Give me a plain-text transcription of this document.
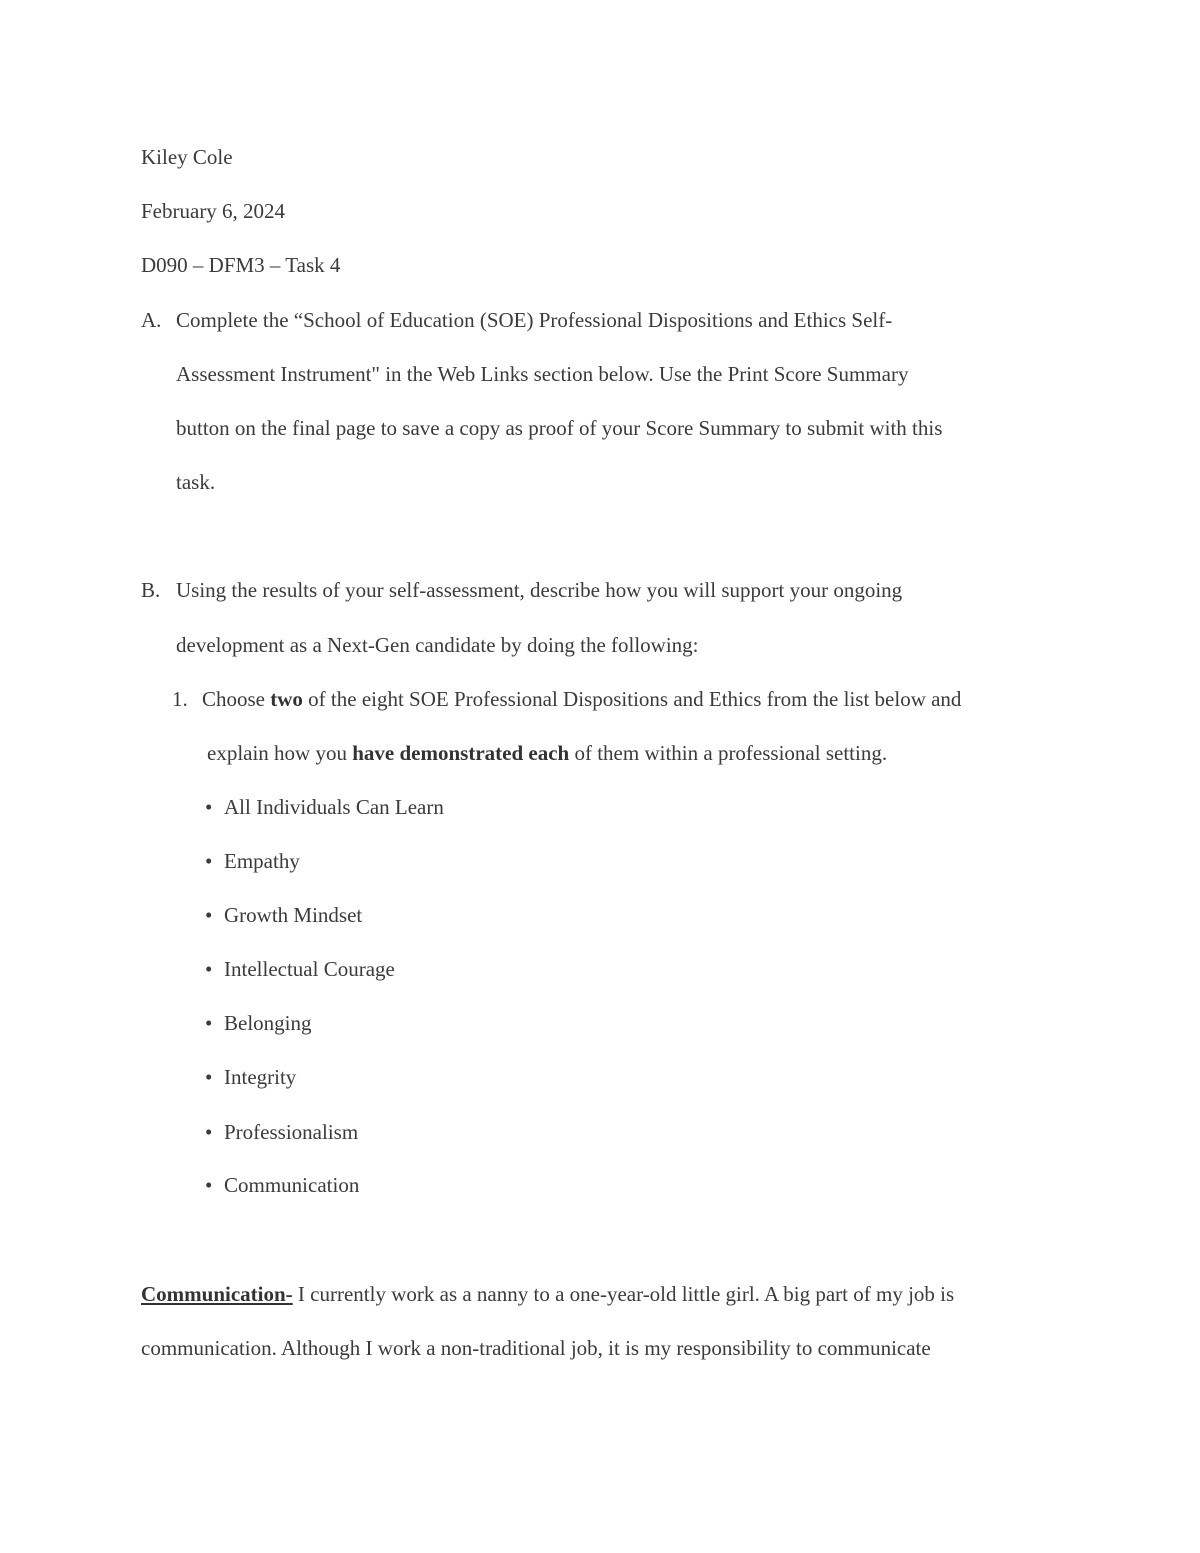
Kiley Cole
February 6, 2024
D090 – DFM3 – Task 4
A. Complete the “School of Education (SOE) Professional Dispositions and Ethics Self-
Assessment Instrument" in the Web Links section below. Use the Print Score Summary
button on the final page to save a copy as proof of your Score Summary to submit with this
task.
B. Using the results of your self-assessment, describe how you will support your ongoing
development as a Next-Gen candidate by doing the following:
1. Choose two of the eight SOE Professional Dispositions and Ethics from the list below and
explain how you have demonstrated each of them within a professional setting.
• All Individuals Can Learn
• Empathy
• Growth Mindset
• Intellectual Courage
• Belonging
• Integrity
• Professionalism
• Communication
Communication- I currently work as a nanny to a one-year-old little girl. A big part of my job is
communication. Although I work a non-traditional job, it is my responsibility to communicate
